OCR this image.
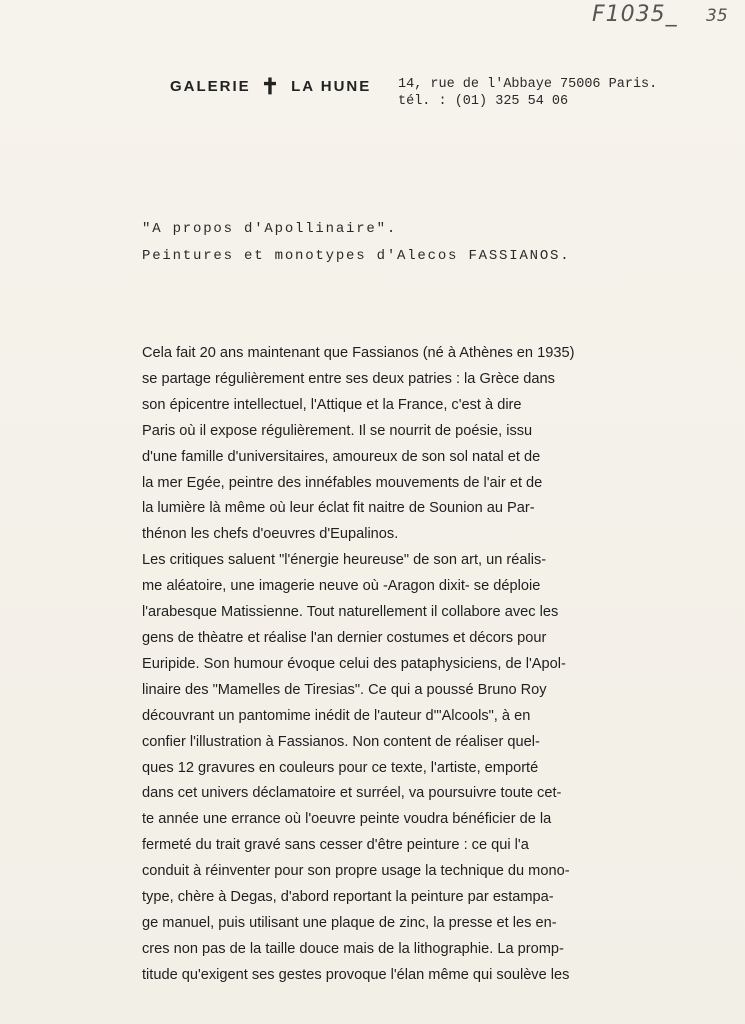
F1035_ 35
GALERIE ✝ LA HUNE 14, rue de l'Abbaye 75006 Paris.
tél. : (01) 325 54 06
"A propos d'Apollinaire".
Peintures et monotypes d'Alecos FASSIANOS.
Cela fait 20 ans maintenant que Fassianos (né à Athènes en 1935)
se partage régulièrement entre ses deux patries : la Grèce dans
son épicentre intellectuel, l'Attique et la France, c'est à dire
Paris où il expose régulièrement. Il se nourrit de poésie, issu
d'une famille d'universitaires, amoureux de son sol natal et de
la mer Egée, peintre des innéfables mouvements de l'air et de
la lumière là même où leur éclat fit naitre de Sounion au Par-
thénon les chefs d'oeuvres d'Eupalinos.
Les critiques saluent "l'énergie heureuse" de son art, un réalis-
me aléatoire, une imagerie neuve où -Aragon dixit- se déploie
l'arabesque Matissienne. Tout naturellement il collabore avec les
gens de thèatre et réalise l'an dernier costumes et décors pour
Euripide. Son humour évoque celui des pataphysiciens, de l'Apol-
linaire des "Mamelles de Tiresias". Ce qui a poussé Bruno Roy
découvrant un pantomime inédit de l'auteur d'"Alcools", à en
confier l'illustration à Fassianos. Non content de réaliser quel-
ques 12 gravures en couleurs pour ce texte, l'artiste, emporté
dans cet univers déclamatoire et surréel, va poursuivre toute cet-
te année une errance où l'oeuvre peinte voudra bénéficier de la
fermeté du trait gravé sans cesser d'être peinture : ce qui l'a
conduit à réinventer pour son propre usage la technique du mono-
type, chère à Degas, d'abord reportant la peinture par estampa-
ge manuel, puis utilisant une plaque de zinc, la presse et les en-
cres non pas de la taille douce mais de la lithographie. La promp-
titude qu'exigent ses gestes provoque l'élan même qui soulève les
